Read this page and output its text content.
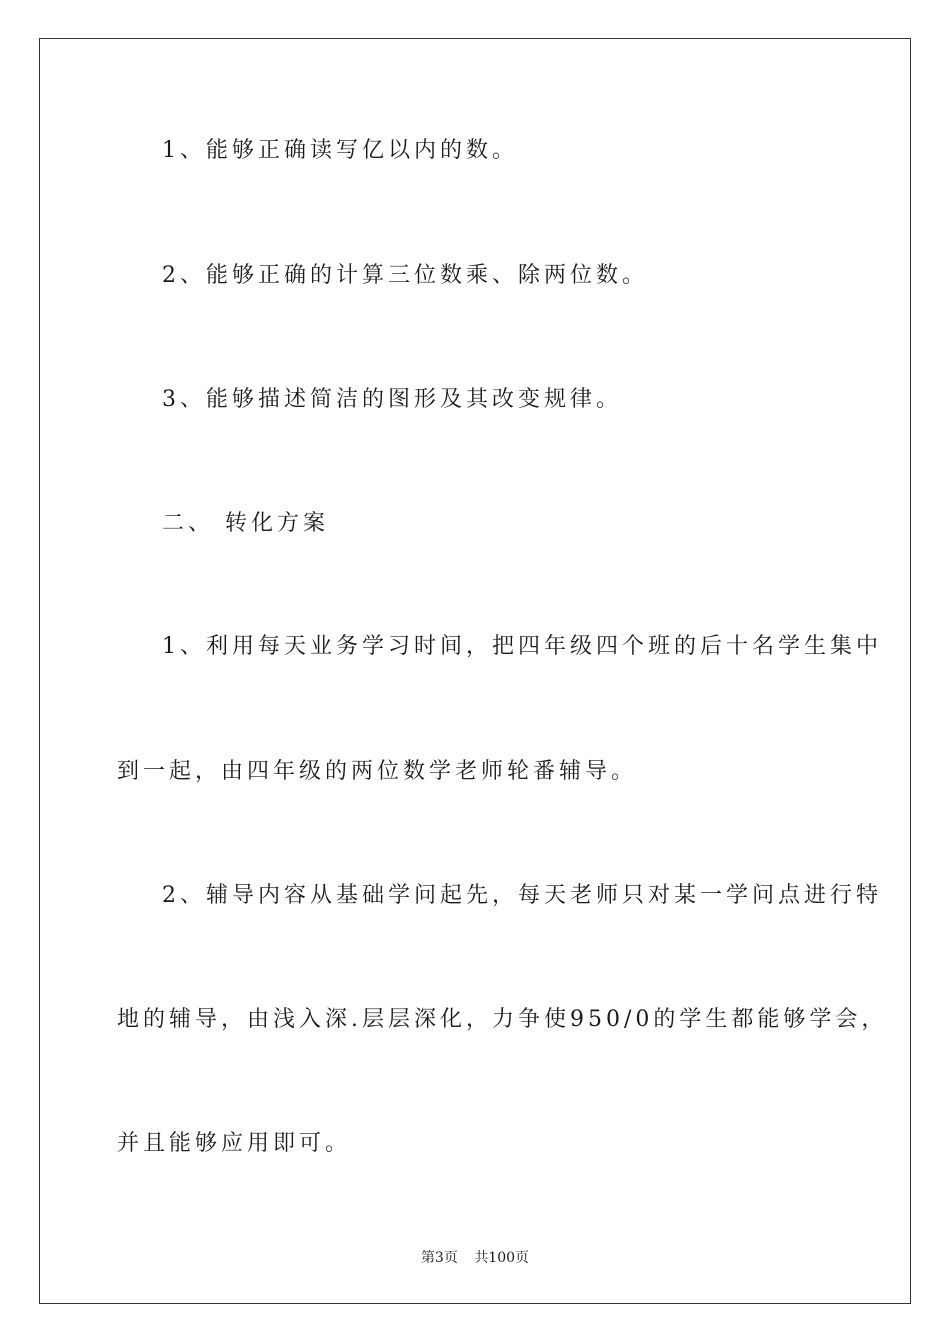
1、能够正确读写亿以内的数。
2、能够正确的计算三位数乘、除两位数。
3、能够描述简洁的图形及其改变规律。
二、 转化方案
1、利用每天业务学习时间，把四年级四个班的后十名学生集中
到一起，由四年级的两位数学老师轮番辅导。
2、辅导内容从基础学问起先，每天老师只对某一学问点进行特
地的辅导，由浅入深.层层深化，力争使950/0的学生都能够学会，
并且能够应用即可。
第3页 共100页
